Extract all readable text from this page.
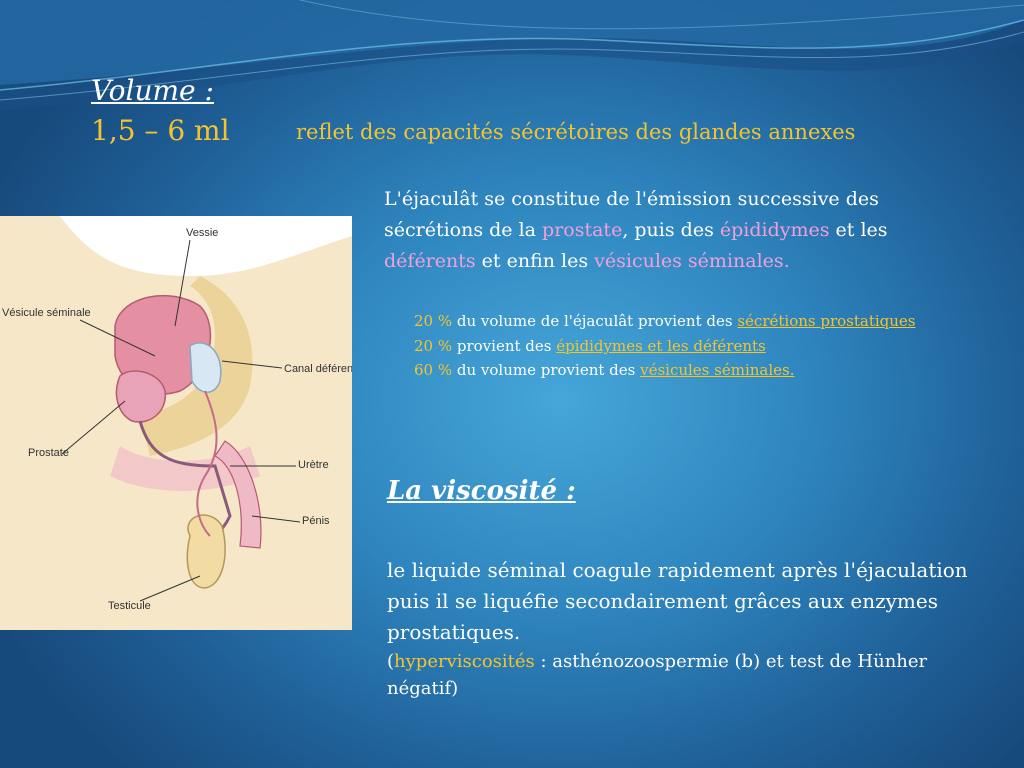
Volume :
1,5 – 6 ml	reflet des capacités sécrétoires des glandes annexes
L'éjaculât se constitue de l'émission successive des
sécrétions de la prostate, puis des épididymes et les
déférents et enfin les vésicules séminales.
20 % du volume de l'éjaculât provient des sécrétions prostatiques
20 % provient des épididymes et les déférents
60 % du volume provient des vésicules séminales.
La viscosité :
le liquide séminal coagule rapidement après l'éjaculation puis il se liquéfie secondairement grâces aux enzymes prostatiques.
(hyperviscosités : asthénozoospermie (b) et test de Hünher négatif)
Vessie
Vésicule séminale
Canal déférent
Prostate
Urètre
Pénis
Testicule
